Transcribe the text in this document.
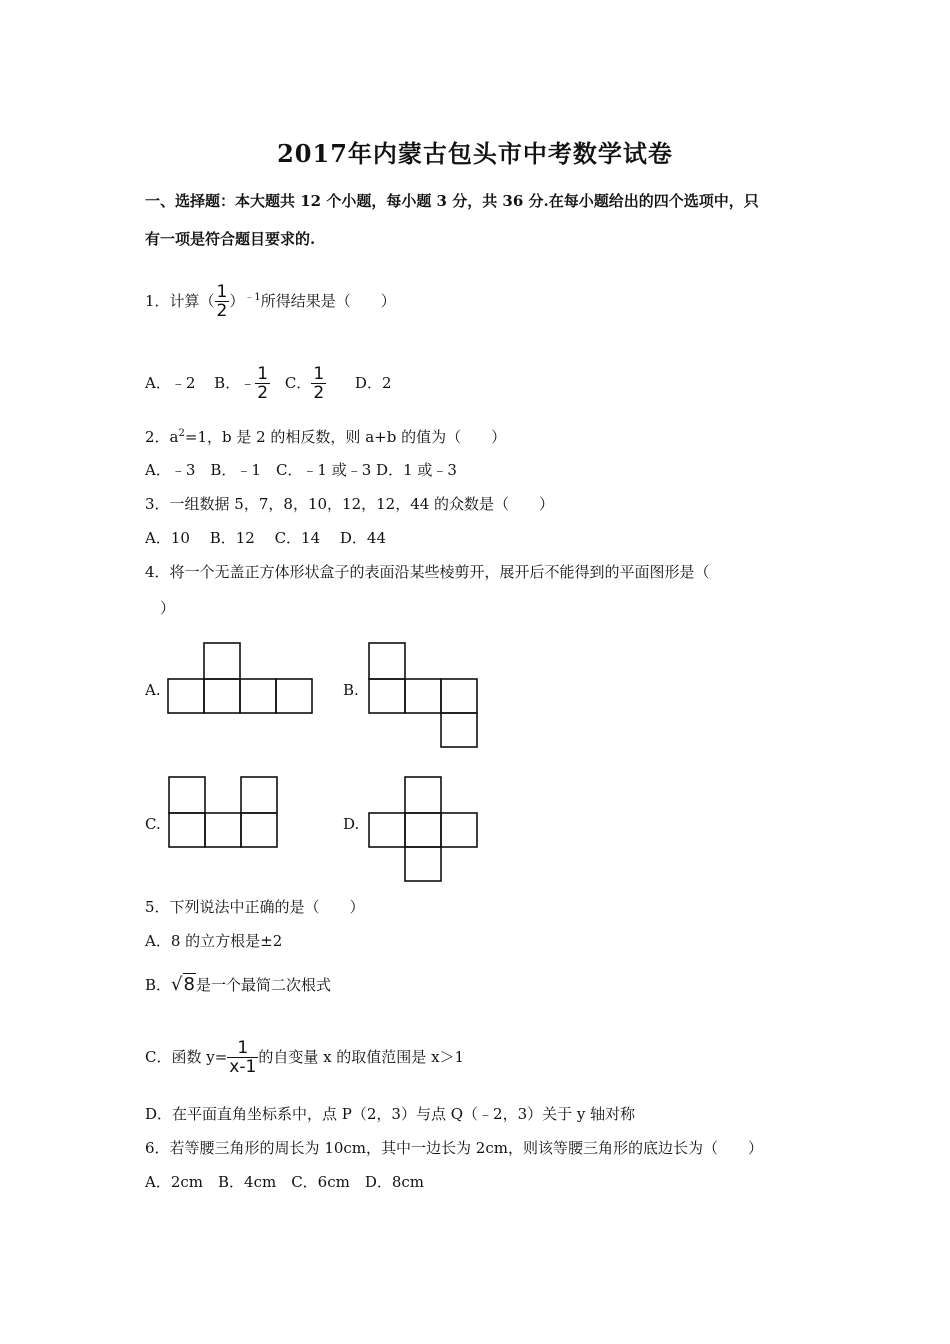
2017年内蒙古包头市中考数学试卷
一、选择题：本大题共 12 个小题，每小题 3 分，共 36 分.在每小题给出的四个选项中，只
有一项是符合题目要求的.
1．计算（ $\frac{1}{2} )^{﹣1}$所得结果是（　　）
A．﹣2 B．﹣ $\frac{1}{2}$ C． $\frac{1}{2}$ D．2
2．$a^2=1$，b 是 2 的相反数，则 a+b 的值为（　　）
A．﹣3　B．﹣1　C．﹣1 或﹣3 D．1 或﹣3
3．一组数据 5，7，8，10，12，12，44 的众数是（　　）
A．10　 B．12　 C．14　 D．44
4．将一个无盖正方体形状盒子的表面沿某些棱剪开，展开后不能得到的平面图形是（
）
A.	B.
C.	D.
5．下列说法中正确的是（　　）
A．8 的立方根是±2
B．√8是一个最简二次根式
C．函数 $y= \frac{1}{x-1}$ 的自变量 x 的取值范围是 x＞1
D．在平面直角坐标系中，点 P（2，3）与点 Q（﹣2，3）关于 y 轴对称
6．若等腰三角形的周长为 10cm，其中一边长为 2cm，则该等腰三角形的底边长为（　　）
A．2cm　B．4cm　C．6cm　D．8cm
